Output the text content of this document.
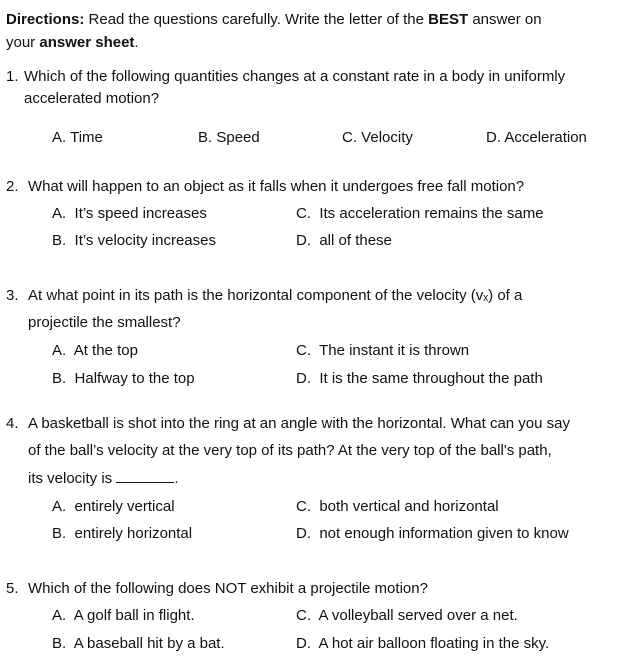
Directions: Read the questions carefully. Write the letter of the BEST answer on
your answer sheet.
1. Which of the following quantities changes at a constant rate in a body in uniformly
accelerated motion?
A. Time	B. Speed	C. Velocity	D. Acceleration
2. What will happen to an object as it falls when it undergoes free fall motion?
A. It’s speed increases
B. It’s velocity increases
C. Its acceleration remains the same
D. all of these
3. At what point in its path is the horizontal component of the velocity (vₓ) of a
projectile the smallest?
A. At the top
B. Halfway to the top
C. The instant it is thrown
D. It is the same throughout the path
4. A basketball is shot into the ring at an angle with the horizontal. What can you say
of the ball’s velocity at the very top of its path? At the very top of the ball's path,
its velocity is	.
A. entirely vertical
B. entirely horizontal
C. both vertical and horizontal
D. not enough information given to know
5. Which of the following does NOT exhibit a projectile motion?
A. A golf ball in flight.
B. A baseball hit by a bat.
C. A volleyball served over a net.
D. A hot air balloon floating in the sky.
